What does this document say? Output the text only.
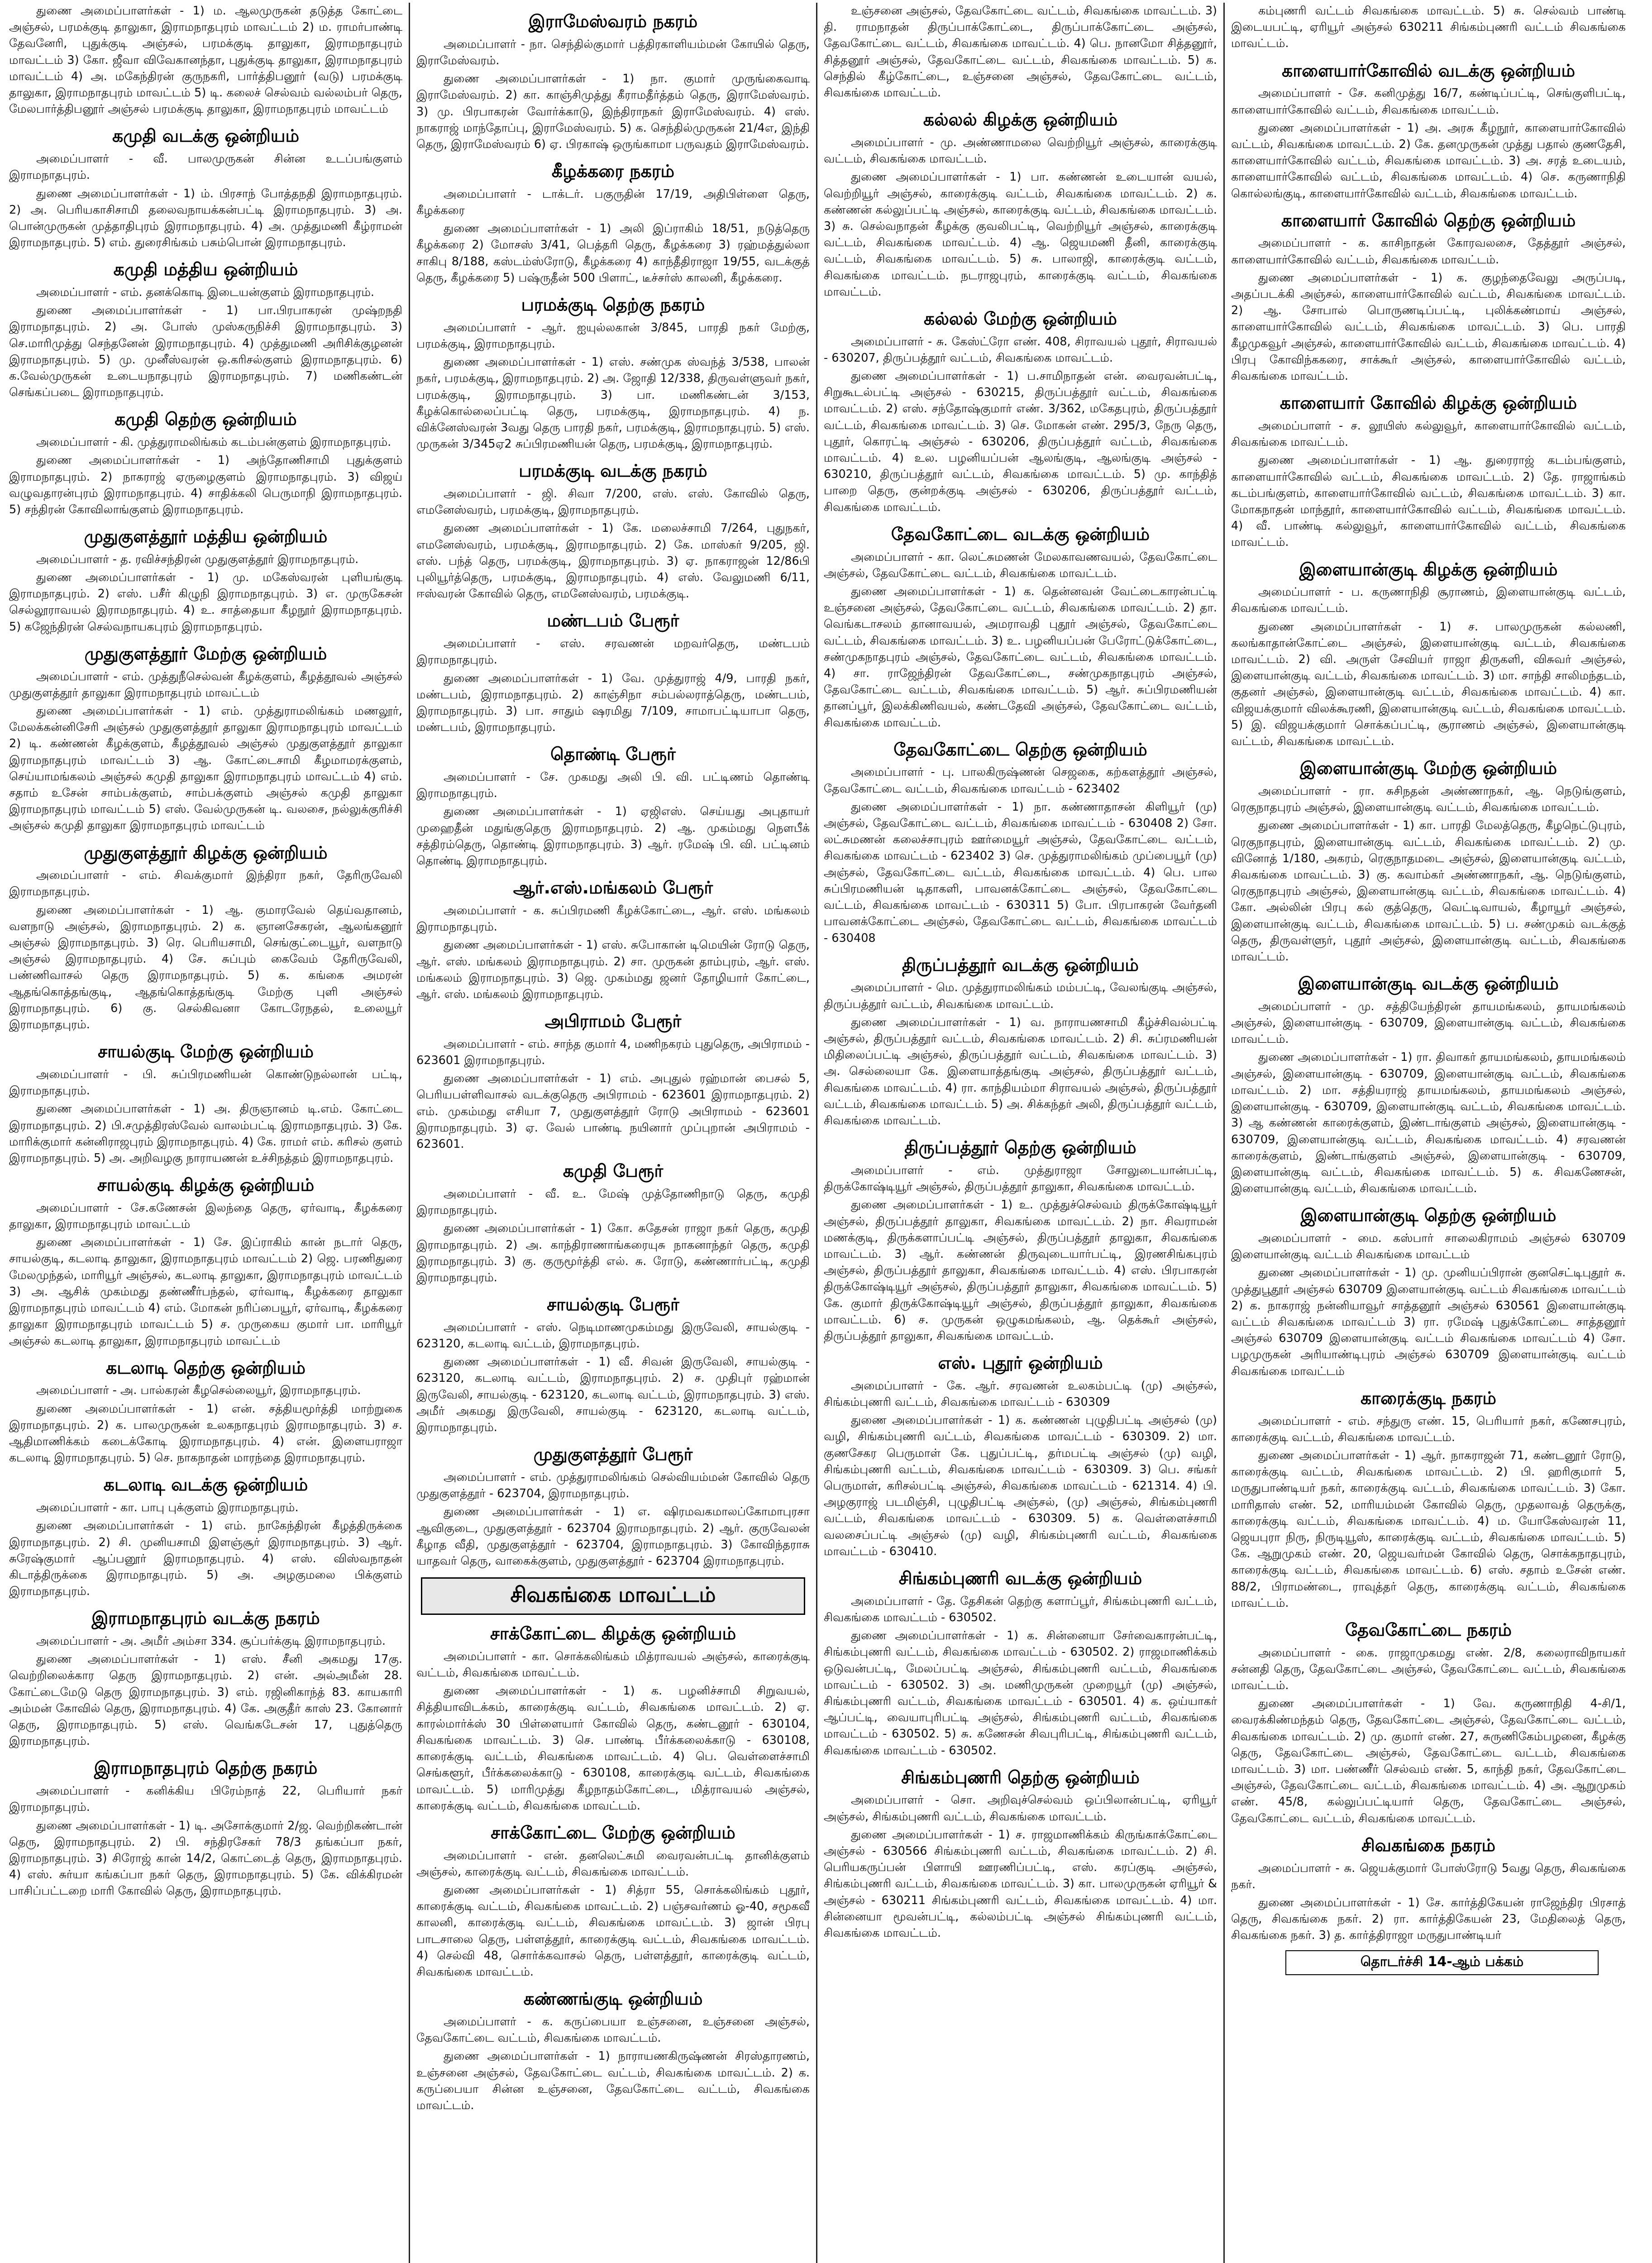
துணை அமைப்பாளர்கள் - 1) ம. ஆலமுருகன் தடுத்த கோட்டை அஞ்சல், பரமக்குடி தாலுகா, இராமநாதபுரம் மாவட்டம் 2) ம. ராமர்பாண்டி தேவனேரி, புதுக்குடி அஞ்சல், பரமக்குடி தாலுகா, இராமநாதபுரம் மாவட்டம் 3) கோ. ஜீவா விவேகானந்தா, புதுக்குடி தாலுகா, இராமநாதபுரம் மாவட்டம் 4) அ. மகேந்திரன் குருநகரி, பார்த்திபனூர் (வடு) பரமக்குடி தாலுகா, இராமநாதபுரம் மாவட்டம் 5) டி. கலைச் செல்வம் வல்லம்பர் தெரு, மேலபார்த்திபனூர் அஞ்சல் பரமக்குடி தாலுகா, இராமநாதபுரம் மாவட்டம்
கமுதி வடக்கு ஒன்றியம்
அமைப்பாளர் - வீ. பாலமுருகன் சின்ன உடப்பங்குளம் இராமநாதபுரம்.
துணை அமைப்பாளர்கள் - 1) ம். பிரசாந் போத்தநதி இராமநாதபுரம். 2) அ. பெரியகாசிசாமி தலைவநாயக்கன்பட்டி இராமநாதபுரம். 3) அ. பொன்முருகன் முத்தாதிபுரம் இராமநாதபுரம். 4) அ. முத்துமணி கீழ்ராமன் இராமநாதபுரம். 5) எம். துரைசிங்கம் பசும்பொன் இராமநாதபுரம்.
கமுதி மத்திய ஒன்றியம்
அமைப்பாளர் - எம். தனக்கொடி இடையன்குளம் இராமநாதபுரம்.
துணை அமைப்பாளர்கள் - 1) பா.பிரபாகரன் முஷ்றநதி இராமநாதபுரம். 2) அ. போஸ் முஸ்கருநிச்சி இராமநாதபுரம். 3) செ.மாரிமுத்து செந்தனேன் இராமநாதபுரம். 4) முத்துமணி அரிசிக்குழனன் இராமநாதபுரம். 5) மு. முனீஸ்வரன் ஒ.கரிசல்குளம் இராமநாதபுரம். 6) க.வேல்முருகன் உடையநாதபுரம் இராமநாதபுரம். 7) மணிகண்டன் செங்கப்படை இராமநாதபுரம்.
கமுதி தெற்கு ஒன்றியம்
அமைப்பாளர் - கி. முத்துராமலிங்கம் கடம்பன்குளம் இராமநாதபுரம்.
துணை அமைப்பாளர்கள் - 1) அந்தோணிசாமி புதுக்குளம் இராமநாதபுரம். 2) நாகராஜ் ஏருழைகுளம் இராமநாதபுரம். 3) விஜய் வழுவதாரன்புரம் இராமநாதபுரம். 4) சாதிக்கலி பெருமாநி இராமநாதபுரம். 5) சந்திரன் கோவிலாங்குளம் இராமநாதபுரம்.
முதுகுளத்தூர் மத்திய ஒன்றியம்
அமைப்பாளர் - த. ரவிச்சந்திரன் முதுகுளத்தூர் இராமநாதபுரம்.
துணை அமைப்பாளர்கள் - 1) மு. மகேஸ்வரன் புளியங்குடி இராமநாதபுரம். 2) எஸ். பசீர் கிழுநி இராமநாதபுரம். 3) எ. முருகேசன் செல்லூராவயல் இராமநாதபுரம். 4) உ. சாத்தையா கீழநூர் இராமநாதபுரம். 5) கஜேந்திரன் செல்வநாயகபுரம் இராமநாதபுரம்.
முதுகுளத்தூர் மேற்கு ஒன்றியம்
அமைப்பாளர் - எம். முத்துநீசெல்வன் கீழக்குளம், கீழத்தூவல் அஞ்சல் முதுகுளத்தூர் தாலுகா இராமநாதபுரம் மாவட்டம்
துணை அமைப்பாளர்கள் - 1) எம். முத்துராமலிங்கம் மணலூர், மேலக்கன்னிசேரி அஞ்சல் முதுகுளத்தூர் தாலுகா இராமநாதபுரம் மாவட்டம் 2) டி. கண்ணன் கீழக்குளம், கீழத்தூவல் அஞ்சல் முதுகுளத்தூர் தாலுகா இராமநாதபுரம் மாவட்டம் 3) ஆ. கோட்டைசாமி கீழமாமரக்குளம், செய்யாமங்கலம் அஞ்சல் கமுதி தாலுகா இராமநாதபுரம் மாவட்டம் 4) எம். சதாம் உசேன் சாம்பக்குளம், சாம்பக்குளம் அஞ்சல் கமுதி தாலுகா இராமநாதபுரம் மாவட்டம் 5) எஸ். வேல்முருகன் டி. வலசை, நல்லுக்குரிச்சி அஞ்சல் கமுதி தாலுகா இராமநாதபுரம் மாவட்டம்
முதுகுளத்தூர் கிழக்கு ஒன்றியம்
அமைப்பாளர் - எம். சிவக்குமார் இந்திரா நகர், தேரிருவேலி இராமநாதபுரம்.
துணை அமைப்பாளர்கள் - 1) ஆ. குமாரவேல் தெய்வதானம், வளநாடு அஞ்சல், இராமநாதபுரம். 2) க. ஞானசேகரன், ஆலங்கனூர் அஞ்சல் இராமநாதபுரம். 3) ரெ. பெரியசாமி, செங்குட்டையூர், வளநாடு அஞ்சல் இராமநாதபுரம். 4) சே. சுப்பும் கைவேம் தேரிருவேலி, பண்ணிவாசல் தெரு இராமநாதபுரம். 5) க. கங்கை அமரன் ஆதங்கொத்தங்குடி, ஆதங்கொத்தங்குடி மேற்கு புளி அஞ்சல் இராமநாதபுரம். 6) கு. செல்கிவனா கோடரேநதல், உலையூர் இராமநாதபுரம்.
சாயல்குடி மேற்கு ஒன்றியம்
அமைப்பாளர் - பி. சுப்பிரமணியன் கொண்டுநல்லான் பட்டி, இராமநாதபுரம்.
துணை அமைப்பாளர்கள் - 1) அ. திருஞானம் டி.எம். கோட்டை இராமநாதபுரம். 2) பி.சமுத்திரஸ்வேல் வாலம்பட்டி இராமநாதபுரம். 3) கே. மாரிக்குமார் கன்னிராஜபுரம் இராமநாதபுரம். 4) கே. ராமர் எம். கரிசல் குளம் இராமநாதபுரம். 5) அ. அறிவழகு நாராயணன் உச்சிநத்தம் இராமநாதபுரம்.
சாயல்குடி கிழக்கு ஒன்றியம்
அமைப்பாளர் - சே.கணேசன் இலந்தை தெரு, ஏர்வாடி, கீழக்கரை தாலுகா, இராமநாதபுரம் மாவட்டம்
துணை அமைப்பாளர்கள் - 1) சே. இப்ராகிம் கான் நடார் தெரு, சாயல்குடி, கடலாடி தாலுகா, இராமநாதபுரம் மாவட்டம் 2) ஜெ. பரணிதுரை மேலமுந்தல், மாரியூர் அஞ்சல், கடலாடி தாலுகா, இராமநாதபுரம் மாவட்டம் 3) அ. ஆசிக் முகம்மது தண்ணீர்பந்தல், ஏர்வாடி, கீழக்கரை தாலுகா இராமநாதபுரம் மாவட்டம் 4) எம். மோகன் நரிப்பையூர், ஏர்வாடி, கீழக்கரை தாலுகா இராமநாதபுரம் மாவட்டம் 5) ச. முருகைய குமார் பா. மாரியூர் அஞ்சல் கடலாடி தாலுகா, இராமநாதபுரம் மாவட்டம்
கடலாடி தெற்கு ஒன்றியம்
அமைப்பாளர் - அ. பால்கரன் கீழசெல்லையூர், இராமநாதபுரம்.
துணை அமைப்பாளர்கள் - 1) என். சத்தியமூர்த்தி மாற்றுகை இராமநாதபுரம். 2) க. பாலமுருகன் உலகநாதபுரம் இராமநாதபுரம். 3) ச. ஆதிமாணிக்கம் கடைக்கோடி இராமநாதபுரம். 4) என். இளையராஜா கடலாடி இராமநாதபுரம். 5) செ. நாகநாதன் மாரந்தை இராமநாதபுரம்.
கடலாடி வடக்கு ஒன்றியம்
அமைப்பாளர் - கா. பாபு புக்குளம் இராமநாதபுரம்.
துணை அமைப்பாளர்கள் - 1) எம். நாகேந்திரன் கீழத்திருக்கை இராமநாதபுரம். 2) சி. முனியசாமி இளஞ்சூர் இராமநாதபுரம். 3) ஆர். சுரேஷ்குமார் ஆப்பனூர் இராமநாதபுரம். 4) எஸ். விஸ்வநாதன் கிடாத்திருக்கை இராமநாதபுரம். 5) அ. அழகுமலை பிக்குளம் இராமநாதபுரம்.
இராமநாதபுரம் வடக்கு நகரம்
அமைப்பாளர் - அ. அமீர் அம்சா 334. சூப்பர்க்குடி இராமநாதபுரம்.
துணை அமைப்பாளர்கள் - 1) எஸ். சீனி அகமது 17கு. வெற்றிலைக்கார தெரு இராமநாதபுரம். 2) என். அல்அமீன் 28. கோட்டைமேடு தெரு இராமநாதபுரம். 3) எம். ரஜினிகாந்த் 83. காயகாரி அம்மன் கோவில் தெரு, இராமநாதபுரம். 4) கே. அகுதீர் காஸ் 23. கோனார் தெரு, இராமநாதபுரம். 5) எஸ். வெங்கடேசன் 17, புதுத்தெரு இராமநாதபுரம்.
இராமநாதபுரம் தெற்கு நகரம்
அமைப்பாளர் - கனிக்கிய பிரேம்நாத் 22, பெரியார் நகர் இராமநாதபுரம்.
துணை அமைப்பாளர்கள் - 1) டி. அசோக்குமார் 2/ஜ. வெற்றிகண்டான் தெரு, இராமநாதபுரம். 2) பி. சந்திரசேகர் 78/3 தங்கப்பா நகர், இராமநாதபுரம். 3) சிரோஜ் கான் 14/2, கொட்டைத் தெரு, இராமநாதபுரம். 4) எஸ். சுர்யா கங்கப்பா நகர் தெரு, இராமநாதபுரம். 5) கே. விக்கிரமன் பாசிப்பட்டறை மாரி கோவில் தெரு, இராமநாதபுரம்.
இராமேஸ்வரம் நகரம்
அமைப்பாளர் - நா. செந்தில்குமார் பத்திரகாளியம்மன் கோயில் தெரு, இராமேஸ்வரம்.
துணை அமைப்பாளர்கள் - 1) நா. குமார் முருங்கைவாடி இராமேஸ்வரம். 2) கா. காஞ்சிமுத்து கீராமதீர்த்தம் தெரு, இராமேஸ்வரம். 3) மு. பிரபாகரன் வோர்க்காடு, இந்திராநகர் இராமேஸ்வரம். 4) எஸ். நாகராஜ் மாந்தோப்பு, இராமேஸ்வரம். 5) க. செந்தில்முருகன் 21/4எ, இந்தி தெரு, இராமேஸ்வரம் 6) ஏ. பிரகாஷ் ஒருங்காமா பருவதம் இராமேஸ்வரம்.
கீழக்கரை நகரம்
அமைப்பாளர் - டாக்டர். பகுருதின் 17/19, அதிபிள்ளை தெரு, கீழக்கரை
துணை அமைப்பாளர்கள் - 1) அலி இப்ராகிம் 18/51, நடுத்தெரு கீழக்கரை 2) மோசஸ் 3/41, பெத்தரி தெரு, கீழக்கரை 3) ரஹ்மத்துல்லா சாகிபு 8/188, கஸ்டம்ஸ்ரோடு, கீழக்கரை 4) காந்தீதிராஜா 19/55, வடக்குத் தெரு, கீழக்கரை 5) பஷ்ருதீன் 500 பிளாட், டீச்சர்ஸ் காலனி, கீழக்கரை.
பரமக்குடி தெற்கு நகரம்
அமைப்பாளர் - ஆர். ஐயுல்லகான் 3/845, பாரதி நகர் மேற்கு, பரமக்குடி, இராமநாதபுரம்.
துணை அமைப்பாளர்கள் - 1) எஸ். சண்முக ஸ்வந்த் 3/538, பாலன் நகர், பரமக்குடி, இராமநாதபுரம். 2) அ. ஜோதி 12/338, திருவள்ளுவர் நகர், பரமக்குடி, இராமநாதபுரம். 3) பா. மணிகண்டன் 3/153, கீழக்கொல்லைப்பட்டி தெரு, பரமக்குடி, இராமநாதபுரம். 4) ந. விக்னேஸ்வரன் 3வது தெரு பாரதி நகர், பரமக்குடி, இராமநாதபுரம். 5) எஸ். முருகன் 3/345ஏ2 சுப்பிரமணியன் தெரு, பரமக்குடி, இராமநாதபுரம்.
பரமக்குடி வடக்கு நகரம்
அமைப்பாளர் - ஜி. சிவா 7/200, எஸ். எஸ். கோவில் தெரு, எமனேஸ்வரம், பரமக்குடி, இராமநாதபுரம்.
துணை அமைப்பாளர்கள் - 1) கே. மலைச்சாமி 7/264, புதுநகர், எமனேஸ்வரம், பரமக்குடி, இராமநாதபுரம். 2) கே. மாஸ்கர் 9/205, ஜி. எஸ். பந்த் தெரு, பரமக்குடி, இராமநாதபுரம். 3) ஏ. நாகராஜன் 12/86பி புலியூர்த்தெரு, பரமக்குடி, இராமநாதபுரம். 4) எஸ். வேலுமணி 6/11, ஈஸ்வரன் கோவில் தெரு, எமனேஸ்வரம், பரமக்குடி.
மண்டபம் பேரூர்
அமைப்பாளர் - எஸ். சரவணன் மறவர்தெரு, மண்டபம் இராமநாதபுரம்.
துணை அமைப்பாளர்கள் - 1) வே. முத்துராஜ் 4/9, பாரதி நகர், மண்டபம், இராமநாதபுரம். 2) காஞ்சிநா சம்பல்லராத்தெரு, மண்டபம், இராமநாதபுரம். 3) பா. சாதும் ஷரமிது 7/109, சாமாபட்டியாபா தெரு, மண்டபம், இராமநாதபுரம்.
தொண்டி பேரூர்
அமைப்பாளர் - சே. முகமது அலி பி. வி. பட்டிணம் தொண்டி இராமநாதபுரம்.
துணை அமைப்பாளர்கள் - 1) ஏஜிஎஸ். செய்யது அபுதாயர் முஹைதீன் மதுங்குதெரு இராமநாதபுரம். 2) ஆ. முகம்மது நெளபீக் சத்திரம்தெரு, தொண்டி இராமநாதபுரம். 3) ஆர். ரமேஷ் பி. வி. பட்டினம் தொண்டி இராமநாதபுரம்.
ஆர்.எஸ்.மங்கலம் பேரூர்
அமைப்பாளர் - க. சுப்பிரமணி கீழக்கோட்டை, ஆர். எஸ். மங்கலம் இராமநாதபுரம்.
துணை அமைப்பாளர்கள் - 1) எஸ். சுபோகான் டிமெயின் ரோடு தெரு, ஆர். எஸ். மங்கலம் இராமநாதபுரம். 2) சா. முருகன் தாம்புரம், ஆர். எஸ். மங்கலம் இராமநாதபுரம். 3) ஜெ. முகம்மது ஜனர் தோழியார் கோட்டை, ஆர். எஸ். மங்கலம் இராமநாதபுரம்.
அபிராமம் பேரூர்
அமைப்பாளர் - எம். சாந்த குமார் 4, மணிநகரம் புதுதெரு, அபிராமம் - 623601 இராமநாதபுரம்.
துணை அமைப்பாளர்கள் - 1) எம். அபுதுல் ரஹ்மான் பைசல் 5, பெரியபள்ளிவாசல் வடக்குதெரு அபிராமம் - 623601 இராமநாதபுரம். 2) எம். முகம்மது எசியா 7, முதுகுளத்தூர் ரோடு அபிராமம் - 623601 இராமநாதபுரம். 3) ஏ. வேல் பாண்டி நயினார் முப்புறான் அபிராமம் - 623601.
கமுதி பேரூர்
அமைப்பாளர் - வீ. உ. மேஷ் முத்தோணிநாடு தெரு, கமுதி இராமநாதபுரம்.
துணை அமைப்பாளர்கள் - 1) கோ. சுதேசன் ராஜா நகர் தெரு, கமுதி இராமநாதபுரம். 2) அ. காந்திராணாங்கரையுசு நாகனாந்தர் தெரு, கமுதி இராமநாதபுரம். 3) கு. குருமூர்த்தி எல். சு. ரோடு, கண்ணார்பட்டி, கமுதி இராமநாதபுரம்.
சாயல்குடி பேரூர்
அமைப்பாளர் - எஸ். நெடிமாணமுகம்மது இருவேலி, சாயல்குடி - 623120, கடலாடி வட்டம், இராமநாதபுரம்.
துணை அமைப்பாளர்கள் - 1) வீ. சிவன் இருவேலி, சாயல்குடி - 623120, கடலாடி வட்டம், இராமநாதபுரம். 2) ச. முதிபுர் ரஹ்மான் இருவேலி, சாயல்குடி - 623120, கடலாடி வட்டம், இராமநாதபுரம். 3) எஸ். அமீர் அகமது இருவேலி, சாயல்குடி - 623120, கடலாடி வட்டம், இராமநாதபுரம்.
முதுகுளத்தூர் பேரூர்
அமைப்பாளர் - எம். முத்துராமலிங்கம் செல்வியம்மன் கோவில் தெரு முதுகுளத்தூர் - 623704, இராமநாதபுரம்.
துணை அமைப்பாளர்கள் - 1) எ. ஷிரமவகமாலப்கோமாபுரசா ஆவிகுடை, முதுகுளத்தூர் - 623704 இராமநாதபுரம். 2) ஆர். குருவேலன் கீழாத வீதி, முதுகுளத்தூர் - 623704, இராமநாதபுரம். 3) கோவிந்தராசு யாதவர் தெரு, வாகைக்குளம், முதுகுளத்தூர் - 623704 இராமநாதபுரம்.
சிவகங்கை மாவட்டம்
சாக்கோட்டை கிழக்கு ஒன்றியம்
அமைப்பாளர் - கா. சொக்கலிங்கம் மித்ராவயல் அஞ்சல், காரைக்குடி வட்டம், சிவகங்கை மாவட்டம்.
துணை அமைப்பாளர்கள் - 1) க. பழனிச்சாமி சிறுவயல், சித்தியாவிடக்கம், காரைக்குடி வட்டம், சிவகங்கை மாவட்டம். 2) ஏ. காரல்மார்க்ஸ் 30 பிள்ளையார் கோவில் தெரு, கண்டனூர் - 630104, சிவகங்கை மாவட்டம். 3) செ. பாண்டி பீர்க்கலைக்காடு - 630108, காரைக்குடி வட்டம், சிவகங்கை மாவட்டம். 4) பெ. வெள்ளைச்சாமி செங்களூர், பீர்க்கலைக்காடு - 630108, காரைக்குடி வட்டம், சிவகங்கை மாவட்டம். 5) மாரிமுத்து கீழநாதம்கோட்டை, மித்ராவயல் அஞ்சல், காரைக்குடி வட்டம், சிவகங்கை மாவட்டம்.
சாக்கோட்டை மேற்கு ஒன்றியம்
அமைப்பாளர் - என். தனலெட்சுமி வைரவன்பட்டி தானிக்குளம் அஞ்சல், காரைக்குடி வட்டம், சிவகங்கை மாவட்டம்.
துணை அமைப்பாளர்கள் - 1) சித்ரா 55, சொக்கலிங்கம் புதூர், காரைக்குடி வட்டம், சிவகங்கை மாவட்டம். 2) பஞ்சவர்ணம் ஓ-40, சமூகவீ காலனி, காரைக்குடி வட்டம், சிவகங்கை மாவட்டம். 3) ஜான் பிரபு பாடசாலை தெரு, பள்ளத்தூர், காரைக்குடி வட்டம், சிவகங்கை மாவட்டம். 4) செல்வி 48, சொர்க்கவாசல் தெரு, பள்ளத்தூர், காரைக்குடி வட்டம், சிவகங்கை மாவட்டம்.
கண்ணங்குடி ஒன்றியம்
அமைப்பாளர் - க. கருப்பையா உஞ்சனை, உஞ்சனை அஞ்சல், தேவகோட்டை வட்டம், சிவகங்கை மாவட்டம்.
துணை அமைப்பாளர்கள் - 1) நாராயணகிருஷ்ணன் சிரஸ்தாரணம், உஞ்சனை அஞ்சல், தேவகோட்டை வட்டம், சிவகங்கை மாவட்டம். 2) க. கருப்பையா சின்ன உஞ்சனை, தேவகோட்டை வட்டம், சிவகங்கை மாவட்டம்.
உஞ்சனை அஞ்சல், தேவகோட்டை வட்டம், சிவகங்கை மாவட்டம். 3) தி. ராமநாதன் திருப்பாக்கோட்டை, திருப்பாக்கோட்டை அஞ்சல், தேவகோட்டை வட்டம், சிவகங்கை மாவட்டம். 4) பெ. நானமோ சித்தனூர், சித்தனூர் அஞ்சல், தேவகோட்டை வட்டம், சிவகங்கை மாவட்டம். 5) க. செந்தில் கீழ்கோட்டை, உஞ்சனை அஞ்சல், தேவகோட்டை வட்டம், சிவகங்கை மாவட்டம்.
கல்லல் கிழக்கு ஒன்றியம்
அமைப்பாளர் - மு. அண்ணாமலை வெற்றியூர் அஞ்சல், காரைக்குடி வட்டம், சிவகங்கை மாவட்டம்.
துணை அமைப்பாளர்கள் - 1) பா. கண்ணன் உடையான் வயல், வெற்றியூர் அஞ்சல், காரைக்குடி வட்டம், சிவகங்கை மாவட்டம். 2) க. கண்ணன் கல்லுப்பட்டி அஞ்சல், காரைக்குடி வட்டம், சிவகங்கை மாவட்டம். 3) சு. செல்வநாதன் கீழக்கு குவலிபட்டி, வெற்றியூர் அஞ்சல், காரைக்குடி வட்டம், சிவகங்கை மாவட்டம். 4) ஆ. ஜெயமணி தீனி, காரைக்குடி வட்டம், சிவகங்கை மாவட்டம். 5) சு. பாலாஜி, காரைக்குடி வட்டம், சிவகங்கை மாவட்டம். நடராஜபுரம், காரைக்குடி வட்டம், சிவகங்கை மாவட்டம்.
கல்லல் மேற்கு ஒன்றியம்
அமைப்பாளர் - சு. கேஸ்ட்ரோ எண். 408, சிராவயல் புதூர், சிராவயல் - 630207, திருப்பத்தூர் வட்டம், சிவகங்கை மாவட்டம்.
துணை அமைப்பாளர்கள் - 1) ப.சாமிநாதன் என். வைரவன்பட்டி, சிறுகூடல்பட்டி அஞ்சல் - 630215, திருப்பத்தூர் வட்டம், சிவகங்கை மாவட்டம். 2) எஸ். சந்தோஷ்குமார் எண். 3/362, மகேதபுரம், திருப்பத்தூர் வட்டம், சிவகங்கை மாவட்டம். 3) செ. மோகன் எண். 295/3, நேரு தெரு, புதூர், கொரட்டி அஞ்சல் - 630206, திருப்பத்தூர் வட்டம், சிவகங்கை மாவட்டம். 4) உல. பழனியப்பன் ஆலங்குடி, ஆலங்குடி அஞ்சல் - 630210, திருப்பத்தூர் வட்டம், சிவகங்கை மாவட்டம். 5) மு. காந்தித் பாறை தெரு, குன்றக்குடி அஞ்சல் - 630206, திருப்பத்தூர் வட்டம், சிவகங்கை மாவட்டம்.
தேவகோட்டை வடக்கு ஒன்றியம்
அமைப்பாளர் - கா. லெட்சுமணன் மேலகாவணவயல், தேவகோட்டை அஞ்சல், தேவகோட்டை வட்டம், சிவகங்கை மாவட்டம்.
துணை அமைப்பாளர்கள் - 1) க. தென்னவன் வேட்டைகாரன்பட்டி உஞ்சனை அஞ்சல், தேவகோட்டை வட்டம், சிவகங்கை மாவட்டம். 2) தா. வெங்கடாசலம் தானாவயல், அமராவதி புதூர் அஞ்சல், தேவகோட்டை வட்டம், சிவகங்கை மாவட்டம். 3) உ. பழனியப்பன் பேரோட்டுக்கோட்டை, சண்முகநாதபுரம் அஞ்சல், தேவகோட்டை வட்டம், சிவகங்கை மாவட்டம். 4) சா. ராஜேந்திரன் தேவகோட்டை, சண்முகநாதபுரம் அஞ்சல், தேவகோட்டை வட்டம், சிவகங்கை மாவட்டம். 5) ஆர். சுப்பிரமணியன் தானப்பூர், இலக்கிணிவயல், கண்டதேவி அஞ்சல், தேவகோட்டை வட்டம், சிவகங்கை மாவட்டம்.
தேவகோட்டை தெற்கு ஒன்றியம்
அமைப்பாளர் - பு. பாலகிருஷ்ணன் செஜகை, கற்களத்தூர் அஞ்சல், தேவகோட்டை வட்டம், சிவகங்கை மாவட்டம் - 623402
துணை அமைப்பாளர்கள் - 1) நா. கண்ணாதாசன் கிளியூர் (மு) அஞ்சல், தேவகோட்டை வட்டம், சிவகங்கை மாவட்டம் - 630408 2) சோ. லட்சுமணன் கலைச்சாபுரம் ஊர்மையூர் அஞ்சல், தேவகோட்டை வட்டம், சிவகங்கை மாவட்டம் - 623402 3) செ. முத்துராமலிங்கம் முப்பையூர் (மு) அஞ்சல், தேவகோட்டை வட்டம், சிவகங்கை மாவட்டம். 4) பெ. பால சுப்பிரமணியன் டிதாகளி, பாவனக்கோட்டை அஞ்சல், தேவகோட்டை வட்டம், சிவகங்கை மாவட்டம் - 630311 5) போ. பிரபாகரன் வேர்தனி பாவனக்கோட்டை அஞ்சல், தேவகோட்டை வட்டம், சிவகங்கை மாவட்டம் - 630408
திருப்பத்தூர் வடக்கு ஒன்றியம்
அமைப்பாளர் - மெ. முத்துராமலிங்கம் மம்பட்டி, வேலங்குடி அஞ்சல், திருப்பத்தூர் வட்டம், சிவகங்கை மாவட்டம்.
துணை அமைப்பாளர்கள் - 1) வ. நாராயணசாமி கீழ்ச்சிவல்பட்டி அஞ்சல், திருப்பத்தூர் வட்டம், சிவகங்கை மாவட்டம். 2) சி. சுப்ரமணியன் மிதிலைப்பட்டி அஞ்சல், திருப்பத்தூர் வட்டம், சிவகங்கை மாவட்டம். 3) அ. செல்லையா கே. இளையாத்தங்குடி அஞ்சல், திருப்பத்தூர் வட்டம், சிவகங்கை மாவட்டம். 4) ரா. காந்தியம்மா சிராவயல் அஞ்சல், திருப்பத்தூர் வட்டம், சிவகங்கை மாவட்டம். 5) அ. சிக்கந்தர் அலி, திருப்பத்தூர் வட்டம், சிவகங்கை மாவட்டம்.
திருப்பத்தூர் தெற்கு ஒன்றியம்
அமைப்பாளர் - எம். முத்துராஜா சோலுடையான்பட்டி, திருக்கோஷ்டியூர் அஞ்சல், திருப்பத்தூர் தாலுகா, சிவகங்கை மாவட்டம்.
துணை அமைப்பாளர்கள் - 1) உ. முத்துச்செல்வம் திருக்கோஷ்டியூர் அஞ்சல், திருப்பத்தூர் தாலுகா, சிவகங்கை மாவட்டம். 2) நா. சிவராமன் மணக்குடி, திருக்களாப்பட்டி அஞ்சல், திருப்பத்தூர் தாலுகா, சிவகங்கை மாவட்டம். 3) ஆர். கண்ணன் திருவுடையார்பட்டி, இரணசிங்கபுரம் அஞ்சல், திருப்பத்தூர் தாலுகா, சிவகங்கை மாவட்டம். 4) எஸ். பிரபாகரன் திருக்கோஷ்டியூர் அஞ்சல், திருப்பத்தூர் தாலுகா, சிவகங்கை மாவட்டம். 5) கே. குமார் திருக்கோஷ்டியூர் அஞ்சல், திருப்பத்தூர் தாலுகா, சிவகங்கை மாவட்டம். 6) ச. முருகன் ஒழுகமங்கலம், ஆ. தெக்கூர் அஞ்சல், திருப்பத்தூர் தாலுகா, சிவகங்கை மாவட்டம்.
எஸ். புதூர் ஒன்றியம்
அமைப்பாளர் - கே. ஆர். சரவணன் உலகம்பட்டி (மு) அஞ்சல், சிங்கம்புணரி வட்டம், சிவகங்கை மாவட்டம் - 630309
துணை அமைப்பாளர்கள் - 1) க. கண்ணன் புழுதிபட்டி அஞ்சல் (மு) வழி, சிங்கம்புணரி வட்டம், சிவகங்கை மாவட்டம் - 630309. 2) மா. குணசேகர பெருமாள் கே. புதுப்பட்டி, தர்மபட்டி அஞ்சல் (மு) வழி, சிங்கம்புணரி வட்டம், சிவகங்கை மாவட்டம் - 630309. 3) பெ. சங்கர் பெருமாள், கரிசல்பட்டி அஞ்சல், சிவகங்கை மாவட்டம் - 621314. 4) பி. அழகுராஜ் படமிஞ்சி, புழுதிபட்டி அஞ்சல், (மு) அஞ்சல், சிங்கம்புணரி வட்டம், சிவகங்கை மாவட்டம் - 630309. 5) க. வெள்ளைச்சாமி வலசைப்பட்டி அஞ்சல் (மு) வழி, சிங்கம்புணரி வட்டம், சிவகங்கை மாவட்டம் - 630410.
சிங்கம்புணரி வடக்கு ஒன்றியம்
அமைப்பாளர் - தே. தேசிகன் தெற்கு களாப்பூர், சிங்கம்புணரி வட்டம், சிவகங்கை மாவட்டம் - 630502.
துணை அமைப்பாளர்கள் - 1) க. சின்னையா சேர்வைகாரன்பட்டி, சிங்கம்புணரி வட்டம், சிவகங்கை மாவட்டம் - 630502. 2) ராஜமாணிக்கம் ஒடுவன்பட்டி, மேலப்பட்டி அஞ்சல், சிங்கம்புணரி வட்டம், சிவகங்கை மாவட்டம் - 630502. 3) அ. மணிமுருகன் முறையூர் (மு) அஞ்சல், சிங்கம்புணரி வட்டம், சிவகங்கை மாவட்டம் - 630501. 4) க. ஒய்யாகர் ஆப்பட்டி, வையாபுரிபட்டி அஞ்சல், சிங்கம்புணரி வட்டம், சிவகங்கை மாவட்டம் - 630502. 5) சு. கணேசன் சிவபுரிபட்டி, சிங்கம்புணரி வட்டம், சிவகங்கை மாவட்டம் - 630502.
சிங்கம்புணரி தெற்கு ஒன்றியம்
அமைப்பாளர் - சொ. அறிவுச்செல்வம் ஒப்பிலான்பட்டி, ஏரியூர் அஞ்சல், சிங்கம்புணரி வட்டம், சிவகங்கை மாவட்டம்.
துணை அமைப்பாளர்கள் - 1) ச. ராஜமாணிக்கம் கிருங்காக்கோட்டை அஞ்சல் - 630566 சிங்கம்புணரி வட்டம், சிவகங்கை மாவட்டம். 2) சி. பெரியகருப்பன் பிளாயி ஊரணிப்பட்டி, எஸ். கரப்குடி அஞ்சல், சிங்கம்புணரி வட்டம், சிவகங்கை மாவட்டம். 3) கா. பாலமுருகன் ஏரியூர் & அஞ்சல் - 630211 சிங்கம்புணரி வட்டம், சிவகங்கை மாவட்டம். 4) மா. சின்னையா மூவன்பட்டி, கல்லம்பட்டி அஞ்சல் சிங்கம்புணரி வட்டம், சிவகங்கை மாவட்டம்.
கம்புணரி வட்டம் சிவகங்கை மாவட்டம். 5) சு. செல்வம் பாண்டி இடையபட்டி, ஏரியூர் அஞ்சல் 630211 சிங்கம்புணரி வட்டம் சிவகங்கை மாவட்டம்.
காளையார்கோவில் வடக்கு ஒன்றியம்
அமைப்பாளர் - சே. கனிமுத்து 16/7, கண்டிப்பட்டி, செங்குளிபட்டி, காளையார்கோவில் வட்டம், சிவகங்கை மாவட்டம்.
துணை அமைப்பாளர்கள் - 1) அ. அரசு கீழநூர், காளையார்கோவில் வட்டம், சிவகங்கை மாவட்டம். 2) கே. தனமுருகன் முத்து பதால் குணதேசி, காளையார்கோவில் வட்டம், சிவகங்கை மாவட்டம். 3) அ. சரத் உடையம், காளையார்கோவில் வட்டம், சிவகங்கை மாவட்டம். 4) செ. கருணாநிதி கொல்லங்குடி, காளையார்கோவில் வட்டம், சிவகங்கை மாவட்டம்.
காளையார் கோவில் தெற்கு ஒன்றியம்
அமைப்பாளர் - க. காசிநாதன் கோரவலசை, தேத்தூர் அஞ்சல், காளையார்கோவில் வட்டம், சிவகங்கை மாவட்டம்.
துணை அமைப்பாளர்கள் - 1) க. குழந்தைவேலு அருப்படி, அதப்படக்கி அஞ்சல், காளையார்கோவில் வட்டம், சிவகங்கை மாவட்டம். 2) ஆ. சோபால் பொருணடிப்பட்டி, புலிக்கண்மாய் அஞ்சல், காளையார்கோவில் வட்டம், சிவகங்கை மாவட்டம். 3) பெ. பாரதி கீழமுகவூர் அஞ்சல், காளையார்கோவில் வட்டம், சிவகங்கை மாவட்டம். 4) பிரபு கோவிந்ககரை, சாக்கூர் அஞ்சல், காளையார்கோவில் வட்டம், சிவகங்கை மாவட்டம்.
காளையார் கோவில் கிழக்கு ஒன்றியம்
அமைப்பாளர் - ச. லூயிஸ் கல்லுவூர், காளையார்கோவில் வட்டம், சிவகங்கை மாவட்டம்.
துணை அமைப்பாளர்கள் - 1) ஆ. துரைராஜ் கடம்பங்குளம், காளையார்கோவில் வட்டம், சிவகங்கை மாவட்டம். 2) தே. ராஜாங்கம் கடம்பங்குளம், காளையார்கோவில் வட்டம், சிவகங்கை மாவட்டம். 3) கா. மோகநாதன் மாந்தூர், காளையார்கோவில் வட்டம், சிவகங்கை மாவட்டம். 4) வீ. பாண்டி கல்லுவூர், காளையார்கோவில் வட்டம், சிவகங்கை மாவட்டம்.
இளையான்குடி கிழக்கு ஒன்றியம்
அமைப்பாளர் - ப. கருணாநிதி சூராணம், இளையான்குடி வட்டம், சிவகங்கை மாவட்டம்.
துணை அமைப்பாளர்கள் - 1) ச. பாலமுருகன் கல்லணி, கலங்காதான்கோட்டை அஞ்சல், இளையான்குடி வட்டம், சிவகங்கை மாவட்டம். 2) வி. அருள் சேவியர் ராஜா திருகளி, விசுவர் அஞ்சல், இளையான்குடி வட்டம், சிவகங்கை மாவட்டம். 3) மா. சாந்தி சாலிமந்தடம், குதனர் அஞ்சல், இளையான்குடி வட்டம், சிவகங்கை மாவட்டம். 4) கா. விஜயக்குமார் விலக்கூரணி, இளையான்குடி வட்டம், சிவகங்கை மாவட்டம். 5) இ. விஜயக்குமார் சொக்கப்பட்டி, சூராணம் அஞ்சல், இளையான்குடி வட்டம், சிவகங்கை மாவட்டம்.
இளையான்குடி மேற்கு ஒன்றியம்
அமைப்பாளர் - ரா. சுசிநதன் அண்ணாநகர், ஆ. நெடுங்குளம், ரெகுநாதபுரம் அஞ்சல், இளையான்குடி வட்டம், சிவகங்கை மாவட்டம்.
துணை அமைப்பாளர்கள் - 1) கா. பாரதி மேலத்தெரு, கீழநெட்டுபுரம், ரெகுநாதபுரம், இளையான்குடி வட்டம், சிவகங்கை மாவட்டம். 2) மு. வினோத் 1/180, அகரம், ரெகுநாதமடை அஞ்சல், இளையான்குடி வட்டம், சிவகங்கை மாவட்டம். 3) கு. கவாம்கர் அண்ணாநகர், ஆ. நெடுங்குளம், ரெகுநாதபுரம் அஞ்சல், இளையான்குடி வட்டம், சிவகங்கை மாவட்டம். 4) கோ. அல்லின் பிரபு கல் குத்தெரு, வெட்டிவாயல், கீழாயூர் அஞ்சல், இளையான்குடி வட்டம், சிவகங்கை மாவட்டம். 5) ப. சண்முகம் வடக்குத் தெரு, திருவள்ளுர், புதூர் அஞ்சல், இளையான்குடி வட்டம், சிவகங்கை மாவட்டம்.
இளையான்குடி வடக்கு ஒன்றியம்
அமைப்பாளர் - மு. சத்தியேந்திரன் தாயமங்கலம், தாயமங்கலம் அஞ்சல், இளையான்குடி - 630709, இளையான்குடி வட்டம், சிவகங்கை மாவட்டம்.
துணை அமைப்பாளர்கள் - 1) ரா. திவாகர் தாயமங்கலம், தாயமங்கலம் அஞ்சல், இளையான்குடி - 630709, இளையான்குடி வட்டம், சிவகங்கை மாவட்டம். 2) மா. சத்தியராஜ் தாயமங்கலம், தாயமங்கலம் அஞ்சல், இளையான்குடி - 630709, இளையான்குடி வட்டம், சிவகங்கை மாவட்டம். 3) ஆ கண்ணன் காரைக்குளம், இண்டாங்குளம் அஞ்சல், இளையான்குடி - 630709, இளையான்குடி வட்டம், சிவகங்கை மாவட்டம். 4) சரவணன் காரைக்குளம், இண்டாங்குளம் அஞ்சல், இளையான்குடி - 630709, இளையான்குடி வட்டம், சிவகங்கை மாவட்டம். 5) க. சிவகணேசன், இளையான்குடி வட்டம், சிவகங்கை மாவட்டம்.
இளையான்குடி தெற்கு ஒன்றியம்
அமைப்பாளர் - மை. கஸ்பார் சாலைகிராமம் அஞ்சல் 630709 இளையான்குடி வட்டம் சிவகங்கை மாவட்டம்
துணை அமைப்பாளர்கள் - 1) மு. முனியப்பிரான் குனசெட்டிபுதூர் சு. முத்துபூதூர் அஞ்சல் 630709 இளையான்குடி வட்டம் சிவகங்கை மாவட்டம் 2) க. நாகராஜ் நன்னியாவூர் சாத்தனூர் அஞ்சல் 630561 இளையான்குடி வட்டம் சிவகங்கை மாவட்டம் 3) ரா. ரமேஷ் புதுக்கோட்டை சாத்தனூர் அஞ்சல் 630709 இளையான்குடி வட்டம் சிவகங்கை மாவட்டம் 4) சோ. பழமுருகன் அரியாண்டிபுரம் அஞ்சல் 630709 இளையான்குடி வட்டம் சிவகங்கை மாவட்டம்
காரைக்குடி நகரம்
அமைப்பாளர் - எம். சந்துரு எண். 15, பெரியார் நகர், கணேசபுரம், காரைக்குடி வட்டம், சிவகங்கை மாவட்டம்.
துணை அமைப்பாளர்கள் - 1) ஆர். நாகராஜன் 71, கண்டனூர் ரோடு, காரைக்குடி வட்டம், சிவகங்கை மாவட்டம். 2) பி. ஹரிகுமார் 5, மருதுபாண்டியர் நகர், காரைக்குடி வட்டம், சிவகங்கை மாவட்டம். 3) கோ. மாரிதாஸ் எண். 52, மாரியம்மன் கோவில் தெரு, முதலாவத் தெருக்கு, காரைக்குடி வட்டம், சிவகங்கை மாவட்டம். 4) ம. யோகேஸ்வரன் 11, ஜெயபுரா நிரு, நிருடியூஸ், காரைக்குடி வட்டம், சிவகங்கை மாவட்டம். 5) கே. ஆறுமுகம் எண். 20, ஜெயவர்மன் கோவில் தெரு, சொக்கநாதபுரம், காரைக்குடி வட்டம், சிவகங்கை மாவட்டம். 6) எஸ். சதாம் உசேன் எண். 88/2, பிராமண்டை, ராவுத்தர் தெரு, காரைக்குடி வட்டம், சிவகங்கை மாவட்டம்.
தேவகோட்டை நகரம்
அமைப்பாளர் - கை. ராஜாமுகமது எண். 2/8, கலைராவிநாயகர் சன்னதி தெரு, தேவகோட்டை அஞ்சல், தேவகோட்டை வட்டம், சிவகங்கை மாவட்டம்.
துணை அமைப்பாளர்கள் - 1) வே. கருணாநிதி 4-சி/1, வைரக்கிண்மந்தம் தெரு, தேவகோட்டை அஞ்சல், தேவகோட்டை வட்டம், சிவகங்கை மாவட்டம். 2) மு. குமார் எண். 27, சுருணிகேம்பழனை, கீழக்கு தெரு, தேவகோட்டை அஞ்சல், தேவகோட்டை வட்டம், சிவகங்கை மாவட்டம். 3) மா. பண்ணீர் செல்வம் எண். 5, காந்தி நகர், தேவகோட்டை அஞ்சல், தேவகோட்டை வட்டம், சிவகங்கை மாவட்டம். 4) அ. ஆறுமுகம் எண். 45/8, கல்லுப்பட்டியார் தெரு, தேவகோட்டை அஞ்சல், தேவகோட்டை வட்டம், சிவகங்கை மாவட்டம்.
சிவகங்கை நகரம்
அமைப்பாளர் - சு. ஜெயக்குமார் போஸ்ரோடு 5வது தெரு, சிவகங்கை நகர்.
துணை அமைப்பாளர்கள் - 1) சே. கார்த்திகேயன் ராஜேந்திர பிரசாத் தெரு, சிவகங்கை நகர். 2) ரா. கார்த்திகேயன் 23, மேதிலைத் தெரு, சிவகங்கை நகர். 3) த. கார்த்திராஜா மருதுபாண்டியர்
தொடர்ச்சி 14-ஆம் பக்கம்
